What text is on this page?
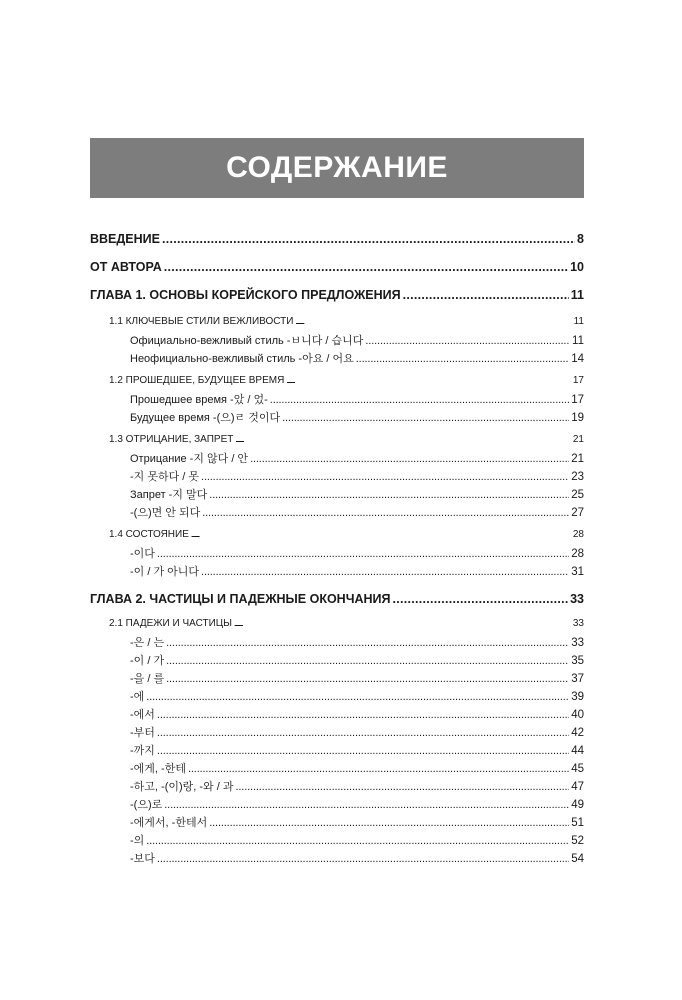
СОДЕРЖАНИЕ
ВВЕДЕНИЕ . . .	8
ОТ АВТОРА . . .	10
ГЛАВА 1. ОСНОВЫ КОРЕЙСКОГО ПРЕДЛОЖЕНИЯ . . .	11
1.1 КЛЮЧЕВЫЕ СТИЛИ ВЕЖЛИВОСТИ . . .	11
Официально-вежливый стиль -ㅂ니다 / 습니다 . . .	11
Неофициально-вежливый стиль -아요 / 어요 . . .	14
1.2 ПРОШЕДШЕЕ, БУДУЩЕЕ ВРЕМЯ . . .	17
Прошедшее время -았 / 었- . . .	17
Будущее время -(으)ㄹ 것이다 . . .	19
1.3 ОТРИЦАНИЕ, ЗАПРЕТ . . .	21
Отрицание -지 않다 / 안 . . .	21
-지 못하다 / 못 . . .	23
Запрет -지 말다 . . .	25
-(으)면 안 되다 . . .	27
1.4 СОСТОЯНИЕ . . .	28
-이다 . . .	28
-이 / 가 아니다 . . .	31
ГЛАВА 2. ЧАСТИЦЫ И ПАДЕЖНЫЕ ОКОНЧАНИЯ . . .	33
2.1 ПАДЕЖИ И ЧАСТИЦЫ . . .	33
-은 / 는 . . .	33
-이 / 가 . . .	35
-을 / 를 . . .	37
-에 . . .	39
-에서 . . .	40
-부터 . . .	42
-까지 . . .	44
-에게, -한테 . . .	45
-하고, -(이)랑, -와 / 과 . . .	47
-(으)로 . . .	49
-에게서, -한테서 . . .	51
-의 . . .	52
-보다 . . .	54
